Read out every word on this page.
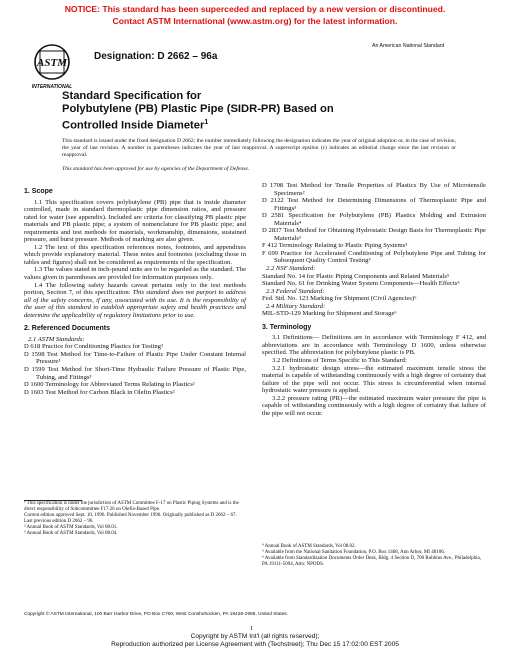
NOTICE: This standard has been superceded and replaced by a new version or discontinued.
Contact ASTM International (www.astm.org) for the latest information.
ASTM
INTERNATIONAL
Designation: D 2662 – 96a
An American National Standard
Standard Specification for
Polybutylene (PB) Plastic Pipe (SIDR-PR) Based on
Controlled Inside Diameter$^1$
This standard is issued under the fixed designation D 2662; the number immediately following the designation indicates the year of original adoption or, in the case of revision, the year of last revision. A number in parentheses indicates the year of last reapproval. A superscript epsilon (ε) indicates an editorial change since the last revision or reapproval.
This standard has been approved for use by agencies of the Department of Defense.

1. Scope

1.1 This specification covers polybutylene (PB) pipe that is inside diameter controlled, made in standard thermoplastic pipe dimension ratios, and pressure rated for water (see appendix). Included are criteria for classifying PB plastic pipe materials and PB plastic pipe; a system of nomenclature for PB plastic pipe; and requirements and test methods for materials, workmanship, dimensions, sustained pressure, and burst pressure. Methods of marking are also given.

1.2 The text of this specification references notes, footnotes, and appendixes which provide explanatory material. These notes and footnotes (excluding those in tables and figures) shall not be considered as requirements of the specification.

1.3 The values stated in inch-pound units are to be regarded as the standard. The values given in parentheses are provided for information purposes only.

1.4 The following safety hazards caveat pertains only to the test methods portion, Section 7, of this specification: This standard does not purport to address all of the safety concerns, if any, associated with its use. It is the responsibility of the user of this standard to establish appropriate safety and health practices and determine the applicability of regulatory limitations prior to use.

2. Referenced Documents

2.1 ASTM Standards:

D 618 Practice for Conditioning Plastics for Testing²

D 1598 Test Method for Time-to-Failure of Plastic Pipe Under Constant Internal Pressure³

D 1599 Test Method for Short-Time Hydraulic Failure Pressure of Plastic Pipe, Tubing, and Fittings³

D 1600 Terminology for Abbreviated Terms Relating to Plastics²

D 1603 Test Method for Carbon Black in Olefin Plastics²

D 1708 Test Method for Tensile Properties of Plastics By Use of Microtensile Specimens²

D 2122 Test Method for Determining Dimensions of Thermoplastic Pipe and Fittings³

D 2581 Specification for Polybutylene (PB) Plastics Molding and Extrusion Materials⁴

D 2837 Test Method for Obtaining Hydrostatic Design Basis for Thermoplastic Pipe Materials³

F 412 Terminology Relating to Plastic Piping Systems³

F 699 Practice for Accelerated Conditioning of Polybutylene Pipe and Tubing for Subsequent Quality Control Testing³

2.2 NSF Standard:

Standard No. 14 for Plastic Piping Components and Related Materials⁵

Standard No. 61 for Drinking Water System Components—Health Effects⁵

2.3 Federal Standard:

Fed. Std. No. 123 Marking for Shipment (Civil Agencies)⁶

2.4 Military Standard:

MIL-STD-129 Marking for Shipment and Storage⁶

3. Terminology

3.1 Definitions— Definitions are in accordance with Terminology F 412, and abbreviations are in accordance with Terminology D 1600, unless otherwise specified. The abbreviation for polybutylene plastic is PB.

3.2 Definitions of Terms Specific to This Standard:

3.2.1 hydrostatic design stress—the estimated maximum tensile stress the material is capable of withstanding continuously with a high degree of certainty that failure of the pipe will not occur. This stress is circumferential when internal hydrostatic water pressure is applied.

3.2.2 pressure rating (PR)—the estimated maximum water pressure the pipe is capable of withstanding continuously with a high degree of certainty that failure of the pipe will not occur.

¹ This specification is under the jurisdiction of ASTM Committee F-17 on Plastic Piping Systems and is the direct responsibility of Subcommittee F17.26 on Olefin-Based Pipe.

Current edition approved Sept. 10, 1996. Published November 1996. Originally published as D 2662 – 67. Last previous edition D 2662 – 96.

² Annual Book of ASTM Standards, Vol 08.01.

³ Annual Book of ASTM Standards, Vol 08.04.

⁴ Annual Book of ASTM Standards, Vol 08.02.

⁵ Available from the National Sanitation Foundation, P.O. Box 1468, Ann Arbor, MI 48106.

⁶ Available from Standardization Documents Order Desk, Bldg. 4 Section D, 700 Robbins Ave., Philadelphia, PA 19111-5094, Attn: NPODS.

Copyright © ASTM International, 100 Barr Harbor Drive, PO Box C700, West Conshohocken, PA 19428-2959, United States.
1
Copyright by ASTM Int'l (all rights reserved);
Reproduction authorized per License Agreement with (Techstreet); Thu Dec 15 17:02:00 EST 2005
